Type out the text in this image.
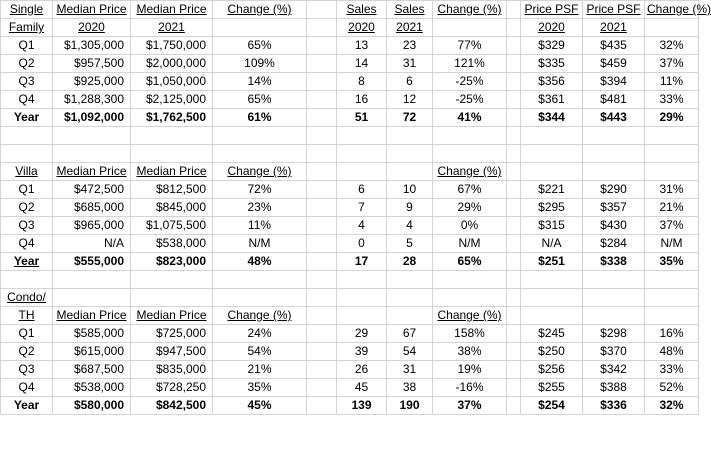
Single	Median Price	Median Price	Change (%)		Sales	Sales	Change (%)		Price PSF	Price PSF	Change (%)
Family	2020	2021			2020	2021			2020	2021	
Q1	$1,305,000	$1,750,000	65%		13	23	77%		$329	$435	32%
Q2	$957,500	$2,000,000	109%		14	31	121%		$335	$459	37%
Q3	$925,000	$1,050,000	14%		8	6	-25%		$356	$394	11%
Q4	$1,288,300	$2,125,000	65%		16	12	-25%		$361	$481	33%
Year	$1,092,000	$1,762,500	61%		51	72	41%		$344	$443	29%

Villa	Median Price	Median Price	Change (%)				Change (%)				
Q1	$472,500	$812,500	72%		6	10	67%		$221	$290	31%
Q2	$685,000	$845,000	23%		7	9	29%		$295	$357	21%
Q3	$965,000	$1,075,500	11%		4	4	0%		$315	$430	37%
Q4	N/A	$538,000	N/M		0	5	N/M		N/A	$284	N/M
Year	$555,000	$823,000	48%		17	28	65%		$251	$338	35%

Condo/											
TH	Median Price	Median Price	Change (%)				Change (%)				
Q1	$585,000	$725,000	24%		29	67	158%		$245	$298	16%
Q2	$615,000	$947,500	54%		39	54	38%		$250	$370	48%
Q3	$687,500	$835,000	21%		26	31	19%		$256	$342	33%
Q4	$538,000	$728,250	35%		45	38	-16%		$255	$388	52%
Year	$580,000	$842,500	45%		139	190	37%		$254	$336	32%
